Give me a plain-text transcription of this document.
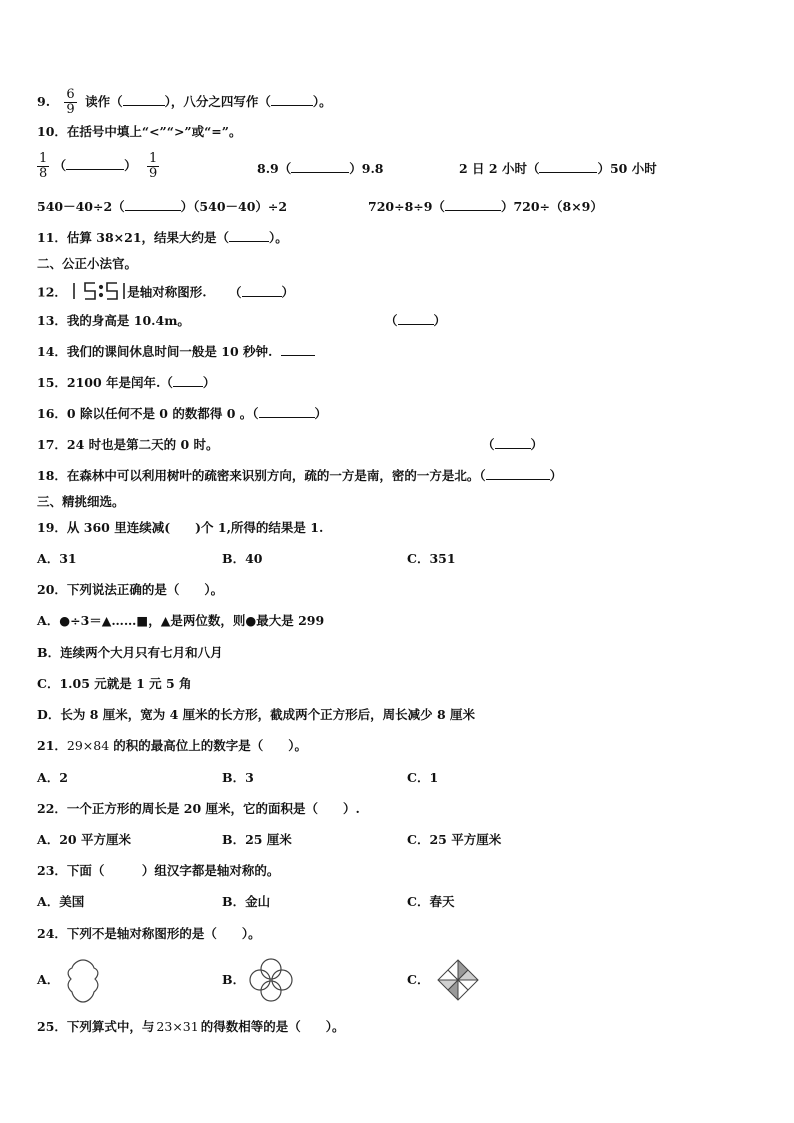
9. $\frac{6}{9}$ 读作（	），八分之四写作（	）。
10．在括号中填上“<”“>”或“=”。
$\frac{1}{8}$ （	） $\frac{1}{9}$	8.9（	）9.8	2 日 2 小时（	）50 小时
540－40÷2（	）（540－40）÷2	720÷8÷9（	）720÷（8×9）
11．估算 38×21，结果大约是（	）。
二、公正小法官。
12．	是轴对称图形. （	）
13．我的身高是 10.4m。	（	）
14．我们的课间休息时间一般是 10 秒钟.
15．2100 年是闰年.（ ）
16．0 除以任何不是 0 的数都得 0 。（	）
17．24 时也是第二天的 0 时。	（	）
18．在森林中可以利用树叶的疏密来识别方向，疏的一方是南，密的一方是北。（	）
三、精挑细选。
19．从 360 里连续减(　　)个 1,所得的结果是 1.
A．31	B．40	C．351
20．下列说法正确的是（　　）。
A．●÷3＝▲……■，▲是两位数，则●最大是 299
B．连续两个大月只有七月和八月
C．1.05 元就是 1 元 5 角
D．长为 8 厘米，宽为 4 厘米的长方形，截成两个正方形后，周长减少 8 厘米
21．29×84 的积的最高位上的数字是（　　）。
A．2	B．3	C．1
22．一个正方形的周长是 20 厘米，它的面积是（　　）.
A．20 平方厘米	B．25 厘米	C．25 平方厘米
23．下面（　　　）组汉字都是轴对称的。
A．美国	B．金山	C．春天
24．下列不是轴对称图形的是（　　）。
A．	B．	C．
25．下列算式中，与 23×31 的得数相等的是（　　）。
